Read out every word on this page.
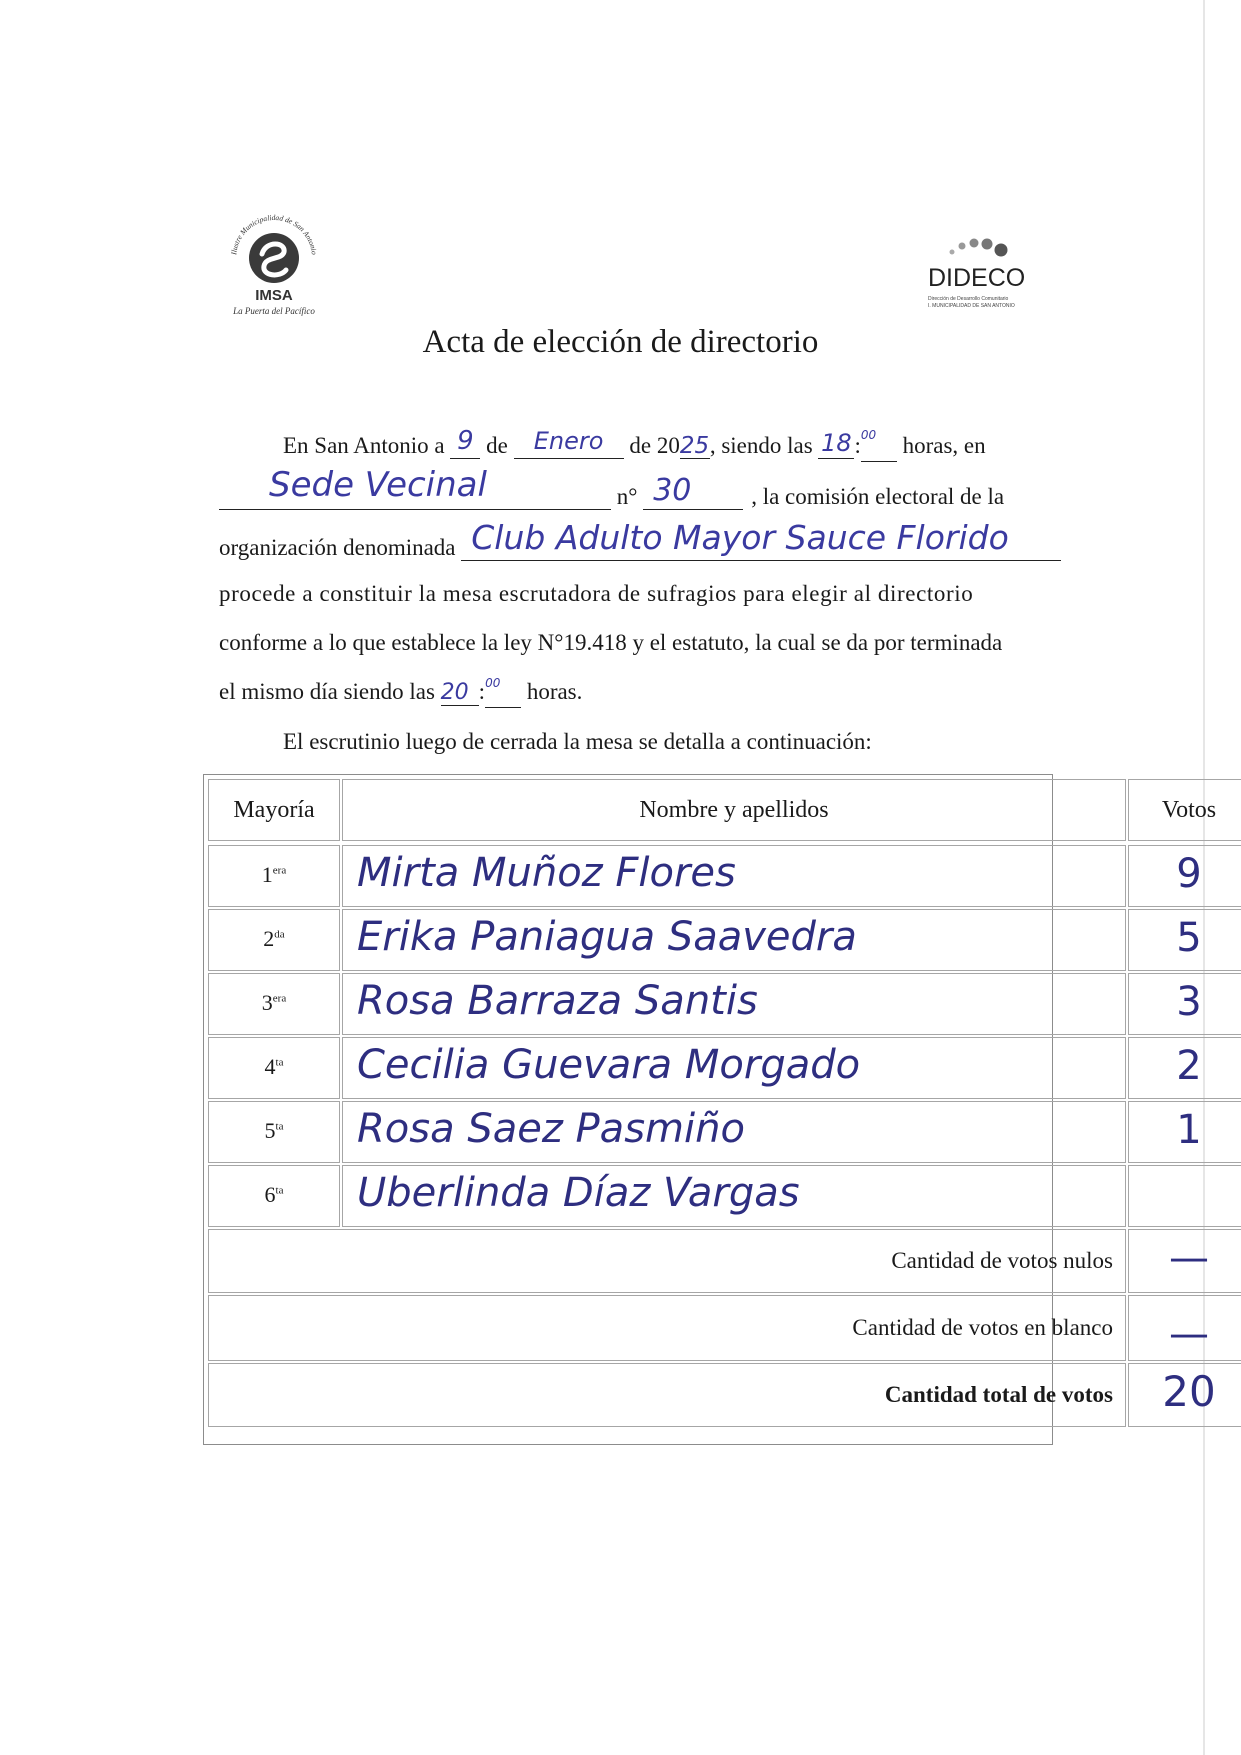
Ilustre Municipalidad de San Antonio
IMSA
La Puerta del Pacífico
DIDECO
Dirección de Desarrollo Comunitario
I. MUNICIPALIDAD DE SAN ANTONIO
Acta de elección de directorio
En San Antonio a 9 de Enero de 2025, siendo las 18 :00 horas, en
Sede Vecinal	n° 30	, la comisión electoral de la
organización denominada Club Adulto Mayor Sauce Florido
procede a constituir la mesa escrutadora de sufragios para elegir al directorio
conforme a lo que establece la ley N°19.418 y el estatuto, la cual se da por terminada
el mismo día siendo las 20 :00 horas.
El escrutinio luego de cerrada la mesa se detalla a continuación:
Mayoría	Nombre y apellidos	Votos
$1^{era}$	Mirta Muñoz Flores	9
$2^{da}$	Erika Paniagua Saavedra	5
$3^{era}$	Rosa Barraza Santis	3
$4^{ta}$	Cecilia Guevara Morgado	2
$5^{ta}$	Rosa Saez Pasmiño	1
$6^{ta}$	Uberlinda Díaz Vargas
Cantidad de votos nulos	—
Cantidad de votos en blanco	—
Cantidad total de votos	20
